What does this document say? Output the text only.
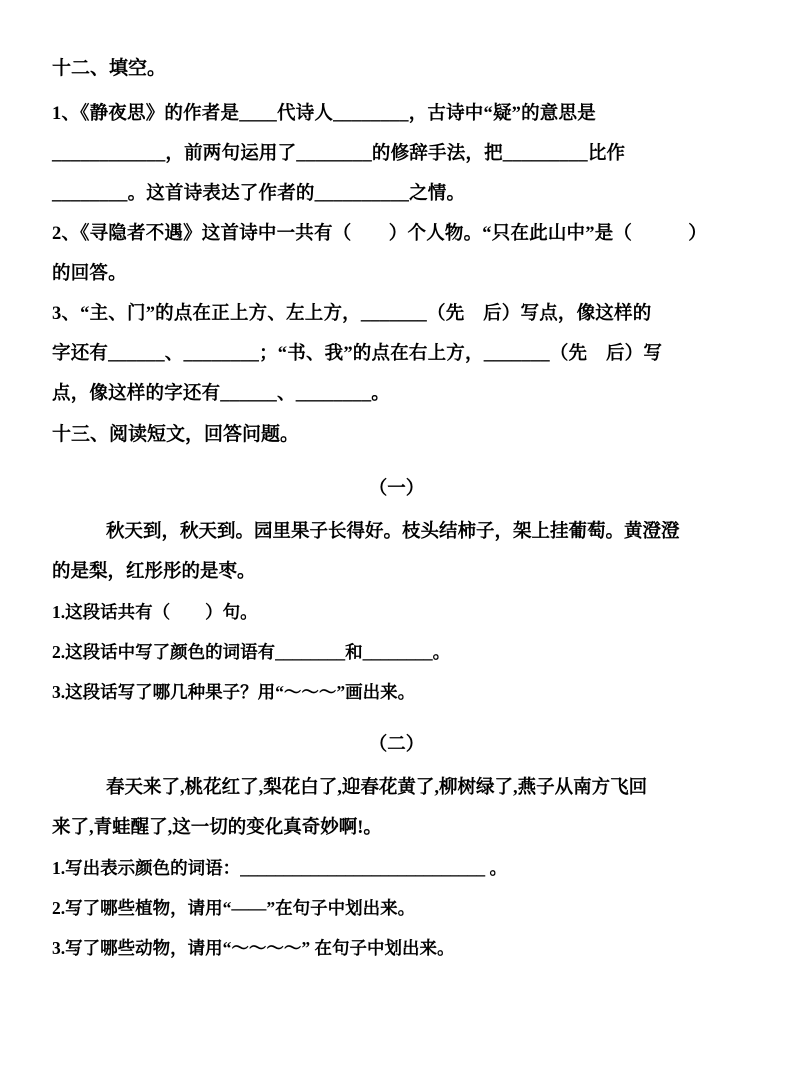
十二、填空。
1、《静夜思》的作者是____代诗人________，古诗中“疑”的意思是
____________，前两句运用了________的修辞手法，把_________比作
________。这首诗表达了作者的__________之情。
2、《寻隐者不遇》这首诗中一共有（　　）个人物。“只在此山中”是（　　　）
的回答。
3、“主、门”的点在正上方、左上方，_______（先　后）写点，像这样的
字还有______、________；“书、我”的点在右上方，_______（先　后）写
点，像这样的字还有______、________。
十三、阅读短文，回答问题。
（一）
秋天到，秋天到。园里果子长得好。枝头结柿子，架上挂葡萄。黄澄澄
的是梨，红彤彤的是枣。
1.这段话共有（　　）句。
2.这段话中写了颜色的词语有________和________。
3.这段话写了哪几种果子？用“～～～”画出来。
（二）
春天来了,桃花红了,梨花白了,迎春花黄了,柳树绿了,燕子从南方飞回
来了,青蛙醒了,这一切的变化真奇妙啊!。
1.写出表示颜色的词语：____________________________ 。
2.写了哪些植物，请用“——”在句子中划出来。
3.写了哪些动物，请用“～～～～” 在句子中划出来。
